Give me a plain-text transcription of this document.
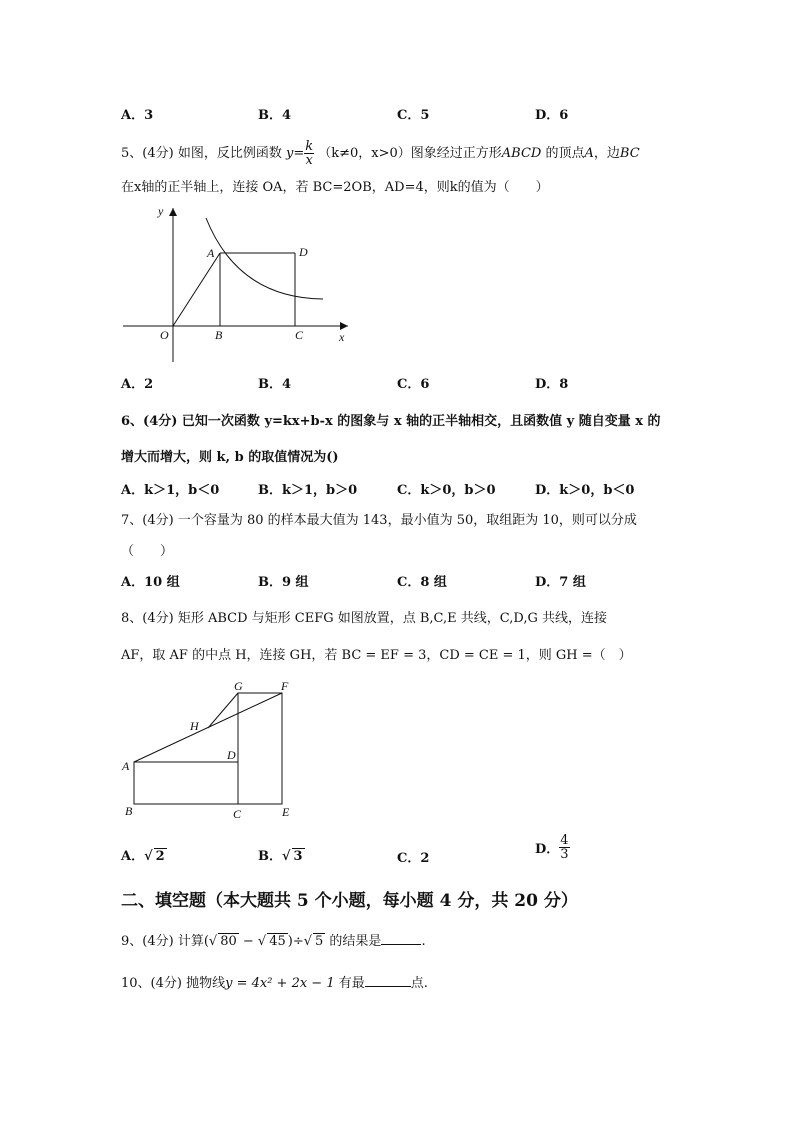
A．3	B．4	C．5	D．6
5、(4分) 如图，反比例函数 $y= \frac{k}{x} (k\ne 0$，x>0）图象经过正方形ABCD 的顶点A，边BC
在x轴的正半轴上，连接 OA，若 BC=2OB，AD=4，则k的值为（　　）
y
x
O
A	D
B	C
A．2	B．4	C．6	D．8
6、(4分) 已知一次函数 y=kx+b-x 的图象与 x 轴的正半轴相交，且函数值 y 随自变量 x 的
增大而增大，则 k, b 的取值情况为()
A．k＞1，b＜0	B．k＞1，b＞0	C．k＞0，b＞0	D．k＞0，b＜0
7、(4分) 一个容量为 80 的样本最大值为 143，最小值为 50，取组距为 10，则可以分成
（　　）
A．10 组	B．9 组	C．8 组	D．7 组
8、(4分) 矩形 ABCD 与矩形 CEFG 如图放置，点 B,C,E 共线，C,D,G 共线，连接
AF，取 AF 的中点 H，连接 GH，若 BC = EF = 3，CD = CE = 1，则 GH =（　）
G	F
H
D
A
B	C	E
A．√ 2	B．√ 3	C．2
D． $\frac{4}{3}$
二、填空题（本大题共 5 个小题，每小题 4 分，共 20 分）
9、(4分) 计算(√ 80 − √ 45 )÷√ 5 的结果是	.
10、(4分) 抛物线y = 4x² + 2x − 1 有最	点.
